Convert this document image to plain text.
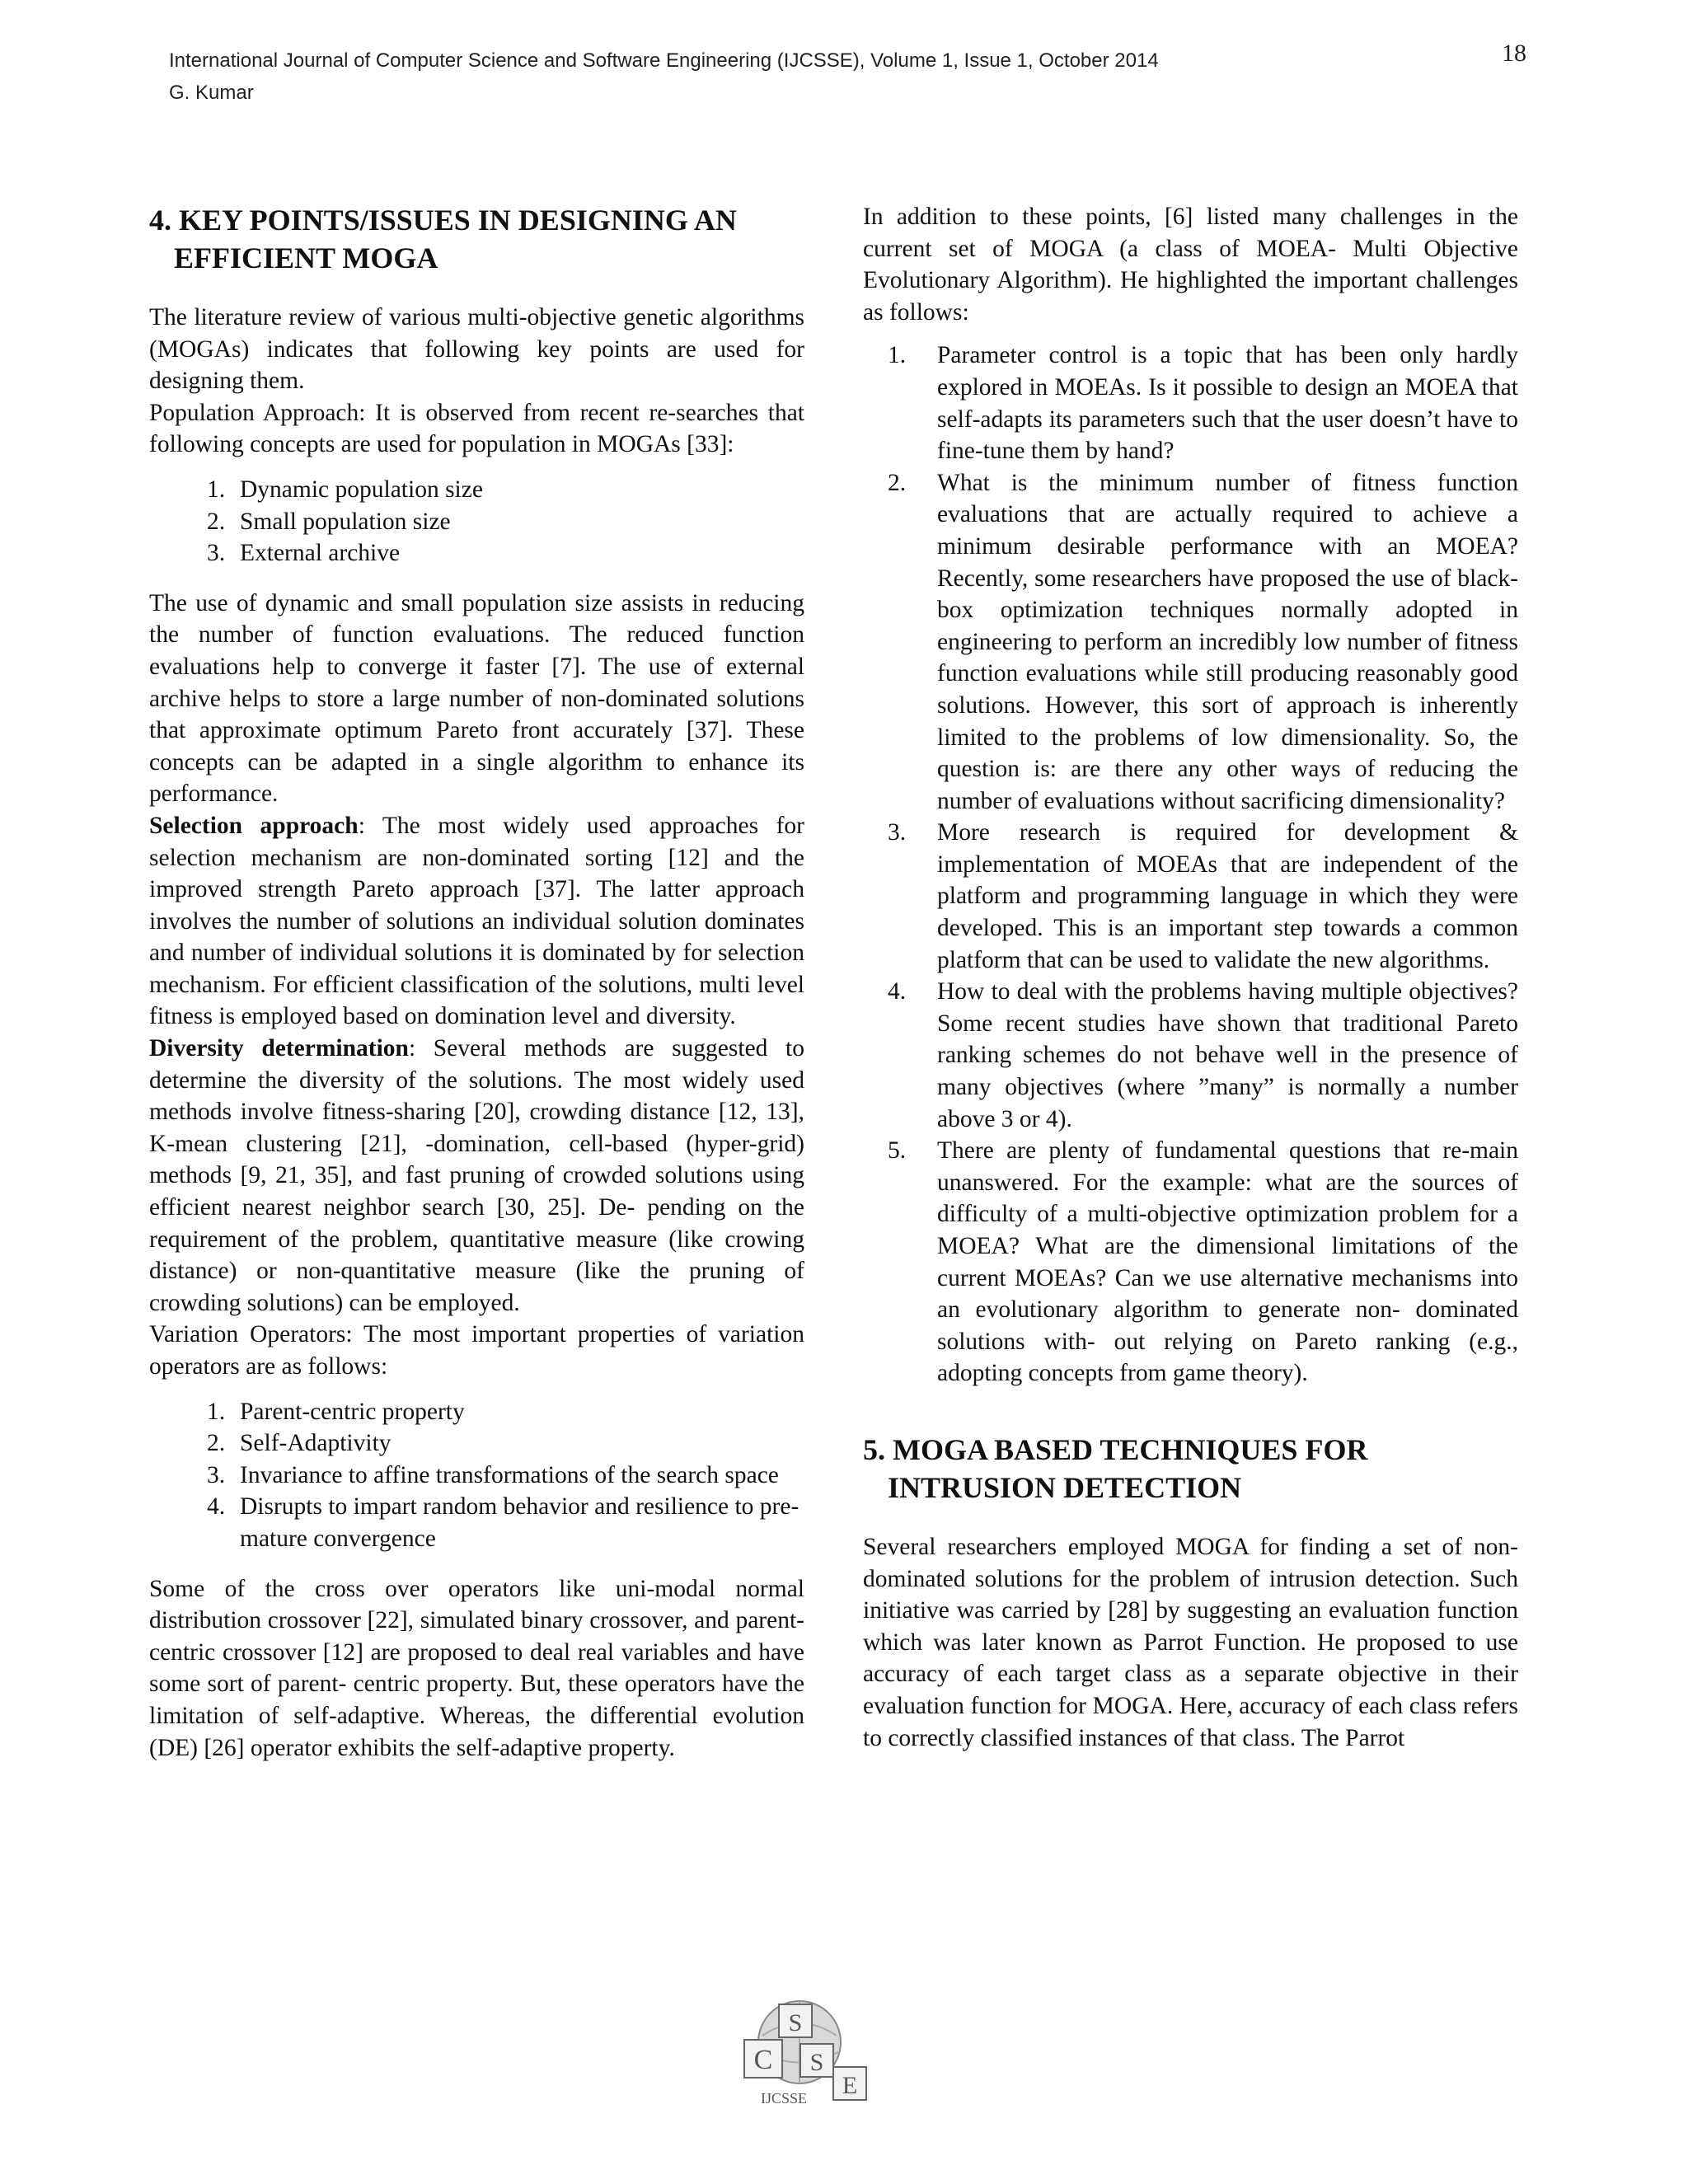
International Journal of Computer Science and Software Engineering (IJCSSE), Volume 1, Issue 1, October 2014
G. Kumar
18
4. KEY POINTS/ISSUES IN DESIGNING AN EFFICIENT MOGA

The literature review of various multi-objective genetic algorithms (MOGAs) indicates that following key points are used for designing them.

Population Approach: It is observed from recent re-searches that following concepts are used for population in MOGAs [33]:

1. Dynamic population size
2. Small population size
3. External archive

The use of dynamic and small population size assists in reducing the number of function evaluations. The reduced function evaluations help to converge it faster [7]. The use of external archive helps to store a large number of non-dominated solutions that approximate optimum Pareto front accurately [37]. These concepts can be adapted in a single algorithm to enhance its performance.

Selection approach: The most widely used approaches for selection mechanism are non-dominated sorting [12] and the improved strength Pareto approach [37]. The latter approach involves the number of solutions an individual solution dominates and number of individual solutions it is dominated by for selection mechanism. For efficient classification of the solutions, multi level fitness is employed based on domination level and diversity.

Diversity determination: Several methods are suggested to determine the diversity of the solutions. The most widely used methods involve fitness-sharing [20], crowding distance [12, 13], K-mean clustering [21], -domination, cell-based (hyper-grid) methods [9, 21, 35], and fast pruning of crowded solutions using efficient nearest neighbor search [30, 25]. De- pending on the requirement of the problem, quantitative measure (like crowing distance) or non-quantitative measure (like the pruning of crowding solutions) can be employed.

Variation Operators: The most important properties of variation operators are as follows:

1. Parent-centric property
2. Self-Adaptivity
3. Invariance to affine transformations of the search space
4. Disrupts to impart random behavior and resilience to pre-mature convergence

Some of the cross over operators like uni-modal normal distribution crossover [22], simulated binary crossover, and parent-centric crossover [12] are proposed to deal real variables and have some sort of parent- centric property. But, these operators have the limitation of self-adaptive. Whereas, the differential evolution (DE) [26] operator exhibits the self-adaptive property.

In addition to these points, [6] listed many challenges in the current set of MOGA (a class of MOEA- Multi Objective Evolutionary Algorithm). He highlighted the important challenges as follows:

1.	Parameter control is a topic that has been only hardly explored in MOEAs. Is it possible to design an MOEA that self-adapts its parameters such that the user doesn’t have to fine-tune them by hand?
2.	What is the minimum number of fitness function evaluations that are actually required to achieve a minimum desirable performance with an MOEA? Recently, some researchers have proposed the use of black-box optimization techniques normally adopted in engineering to perform an incredibly low number of fitness function evaluations while still producing reasonably good solutions. However, this sort of approach is inherently limited to the problems of low dimensionality. So, the question is: are there any other ways of reducing the number of evaluations without sacrificing dimensionality?
3.	More research is required for development & implementation of MOEAs that are independent of the platform and programming language in which they were developed. This is an important step towards a common platform that can be used to validate the new algorithms.
4.	How to deal with the problems having multiple objectives? Some recent studies have shown that traditional Pareto ranking schemes do not behave well in the presence of many objectives (where ”many” is normally a number above 3 or 4).
5.	There are plenty of fundamental questions that re-main unanswered. For the example: what are the sources of difficulty of a multi-objective optimization problem for a MOEA? What are the dimensional limitations of the current MOEAs? Can we use alternative mechanisms into an evolutionary algorithm to generate non- dominated solutions with- out relying on Pareto ranking (e.g., adopting concepts from game theory).
5. MOGA BASED TECHNIQUES FOR INTRUSION DETECTION

Several researchers employed MOGA for finding a set of non-dominated solutions for the problem of intrusion detection. Such initiative was carried by [28] by suggesting an evaluation function which was later known as Parrot Function. He proposed to use accuracy of each target class as a separate objective in their evaluation function for MOGA. Here, accuracy of each class refers to correctly classified instances of that class. The Parrot

C
S
S
E
IJCSSE
